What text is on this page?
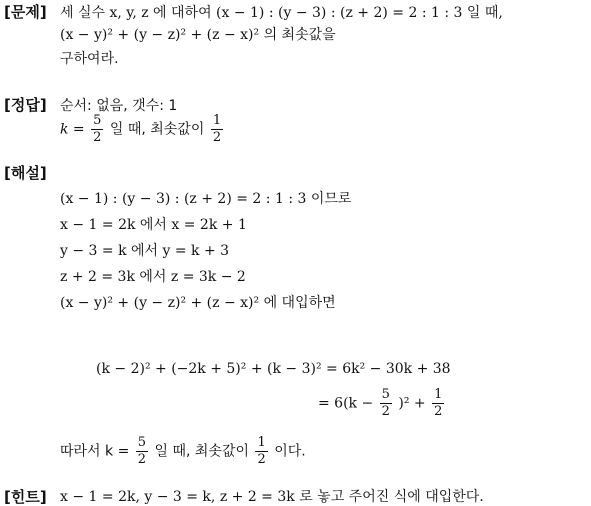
[문제] 세 실수 x, y, z 에 대하여 (x − 1) : (y − 3) : (z + 2) = 2 : 1 : 3 일 때,
(x − y)² + (y − z)² + (z − x)² 의 최솟값을
구하여라.
[정답] 순서: 없음, 갯수: 1
$k = \frac{5}{2}$ 일 때, 최솟값이 $\frac{1}{2}$
[해설]
(x − 1) : (y − 3) : (z + 2) = 2 : 1 : 3 이므로
x − 1 = 2k 에서 x = 2k + 1
y − 3 = k 에서 y = k + 3
z + 2 = 3k 에서 z = 3k − 2
(x − y)² + (y − z)² + (z − x)² 에 대입하면
(k − 2)² + (−2k + 5)² + (k − 3)² = 6k² − 30k + 38
= $6(k - \frac{5}{2} )^2 + \frac{1}{2}$
따라서 $k = \frac{5}{2}$ 일 때, 최솟값이 $\frac{1}{2}$ 이다.
[힌트] x − 1 = 2k, y − 3 = k, z + 2 = 3k 로 놓고 주어진 식에 대입한다.
